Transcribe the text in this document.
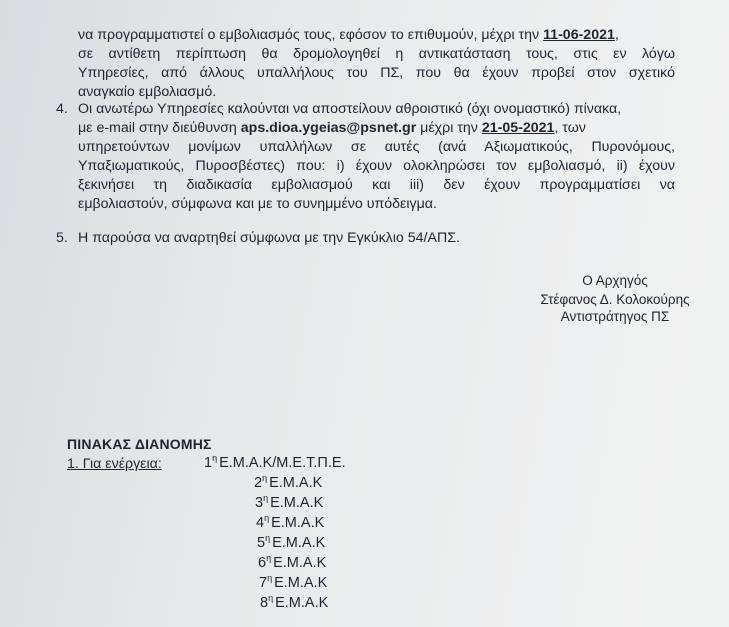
να προγραμματιστεί ο εμβολιασμός τους, εφόσον το επιθυμούν, μέχρι την 11-06-2021,
σε αντίθετη περίπτωση θα δρομολογηθεί η αντικατάσταση τους, στις εν λόγω
Υπηρεσίες, από άλλους υπαλλήλους του ΠΣ, που θα έχουν προβεί στον σχετικό
αναγκαίο εμβολιασμό.
4. Οι ανωτέρω Υπηρεσίες καλούνται να αποστείλουν αθροιστικό (όχι ονομαστικό) πίνακα,
με e-mail στην διεύθυνση aps.dioa.ygeias@psnet.gr μέχρι την 21-05-2021, των
υπηρετούντων μονίμων υπαλλήλων σε αυτές (ανά Αξιωματικούς, Πυρονόμους,
Υπαξιωματικούς, Πυροσβέστες) που: i) έχουν ολοκληρώσει τον εμβολιασμό, ii) έχουν
ξεκινήσει τη διαδικασία εμβολιασμού και iii) δεν έχουν προγραμματίσει να
εμβολιαστούν, σύμφωνα και με το συνημμένο υπόδειγμα.
5. Η παρούσα να αναρτηθεί σύμφωνα με την Εγκύκλιο 54/ΑΠΣ.
Ο Αρχηγός
Στέφανος Δ. Κολοκούρης
Αντιστράτηγος ΠΣ
ΠΙΝΑΚΑΣ ΔΙΑΝΟΜΗΣ
1. Για ενέργεια:	$1^\eta$ Ε.Μ.Α.Κ/Μ.Ε.Τ.Π.Ε.
$2^\eta$ Ε.Μ.Α.Κ
$3^\eta$ Ε.Μ.Α.Κ
$4^\eta$ Ε.Μ.Α.Κ
$5^\eta$ Ε.Μ.Α.Κ
$6^\eta$ Ε.Μ.Α.Κ
$7^\eta$ Ε.Μ.Α.Κ
$8^\eta$ Ε.Μ.Α.Κ
